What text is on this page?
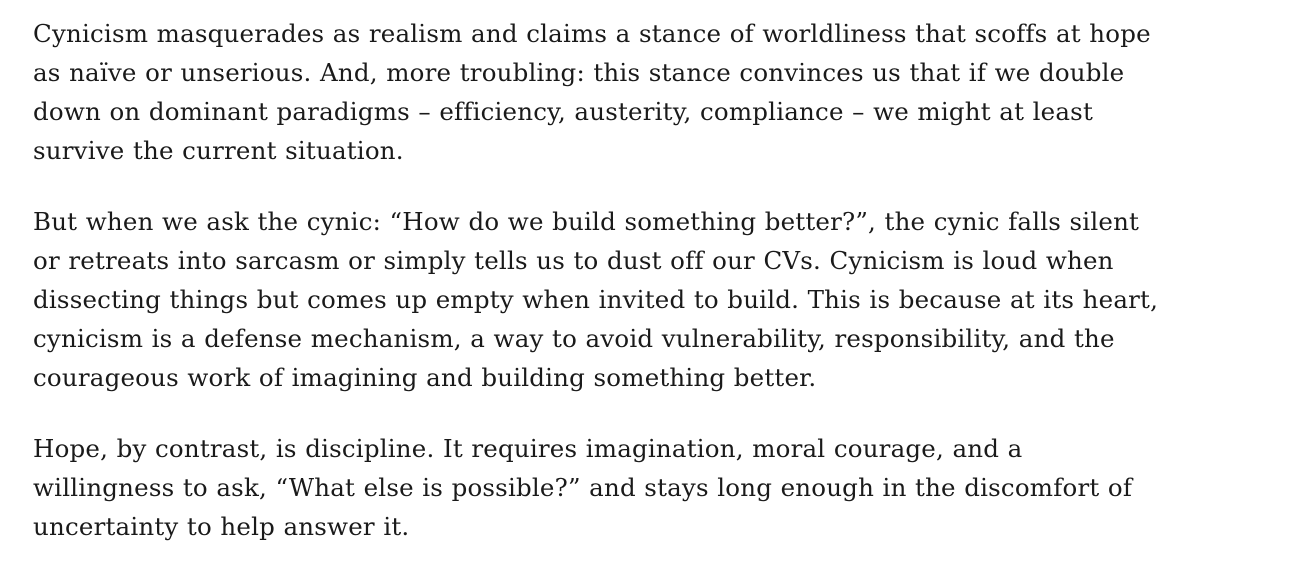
Cynicism masquerades as realism and claims a stance of worldliness that scoffs at hope
as naïve or unserious. And, more troubling: this stance convinces us that if we double
down on dominant paradigms – efficiency, austerity, compliance – we might at least
survive the current situation.

But when we ask the cynic: “How do we build something better?”, the cynic falls silent
or retreats into sarcasm or simply tells us to dust off our CVs. Cynicism is loud when
dissecting things but comes up empty when invited to build. This is because at its heart,
cynicism is a defense mechanism, a way to avoid vulnerability, responsibility, and the
courageous work of imagining and building something better.

Hope, by contrast, is discipline. It requires imagination, moral courage, and a
willingness to ask, “What else is possible?” and stays long enough in the discomfort of
uncertainty to help answer it.
